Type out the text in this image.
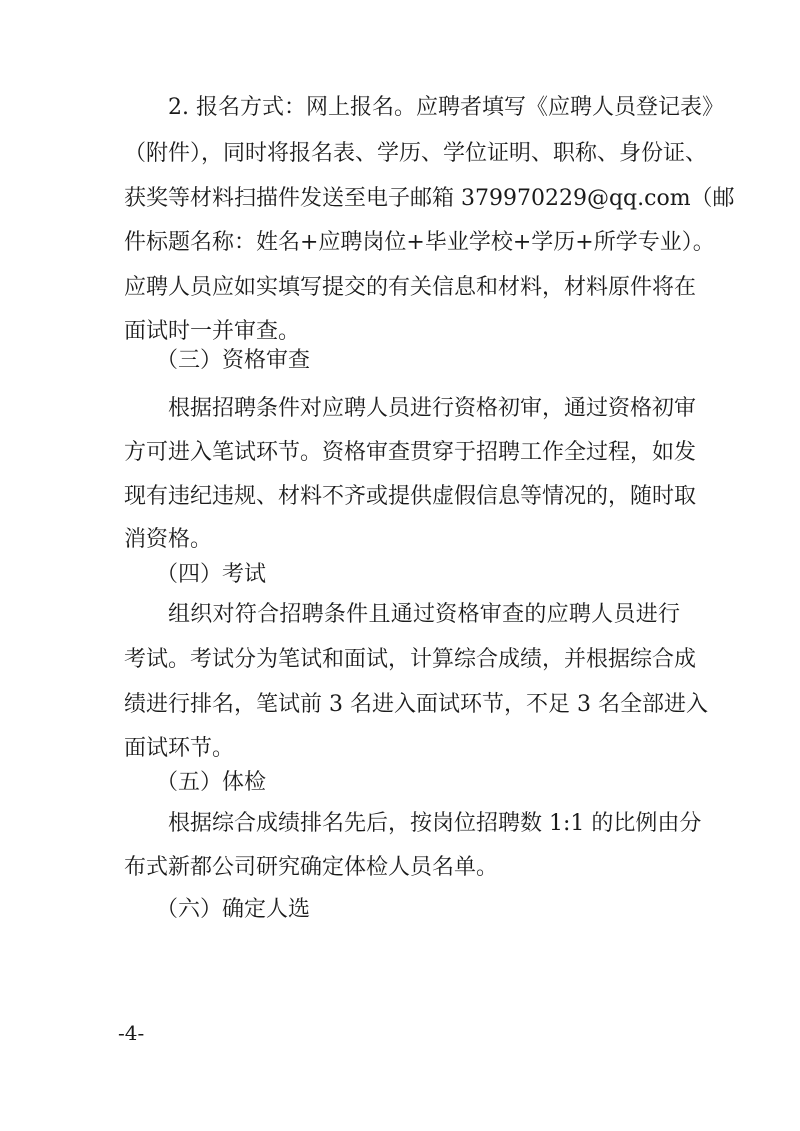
2. 报名方式：网上报名。应聘者填写《应聘人员登记表》
（附件），同时将报名表、学历、学位证明、职称、身份证、
获奖等材料扫描件发送至电子邮箱 379970229@qq.com（邮
件标题名称：姓名+应聘岗位+毕业学校+学历+所学专业）。
应聘人员应如实填写提交的有关信息和材料，材料原件将在
面试时一并审查。
（三）资格审查
根据招聘条件对应聘人员进行资格初审，通过资格初审
方可进入笔试环节。资格审查贯穿于招聘工作全过程，如发
现有违纪违规、材料不齐或提供虚假信息等情况的，随时取
消资格。
（四）考试
组织对符合招聘条件且通过资格审查的应聘人员进行
考试。考试分为笔试和面试，计算综合成绩，并根据综合成
绩进行排名，笔试前 3 名进入面试环节，不足 3 名全部进入
面试环节。
（五）体检
根据综合成绩排名先后，按岗位招聘数 1:1 的比例由分
布式新都公司研究确定体检人员名单。
（六）确定人选
-4-
